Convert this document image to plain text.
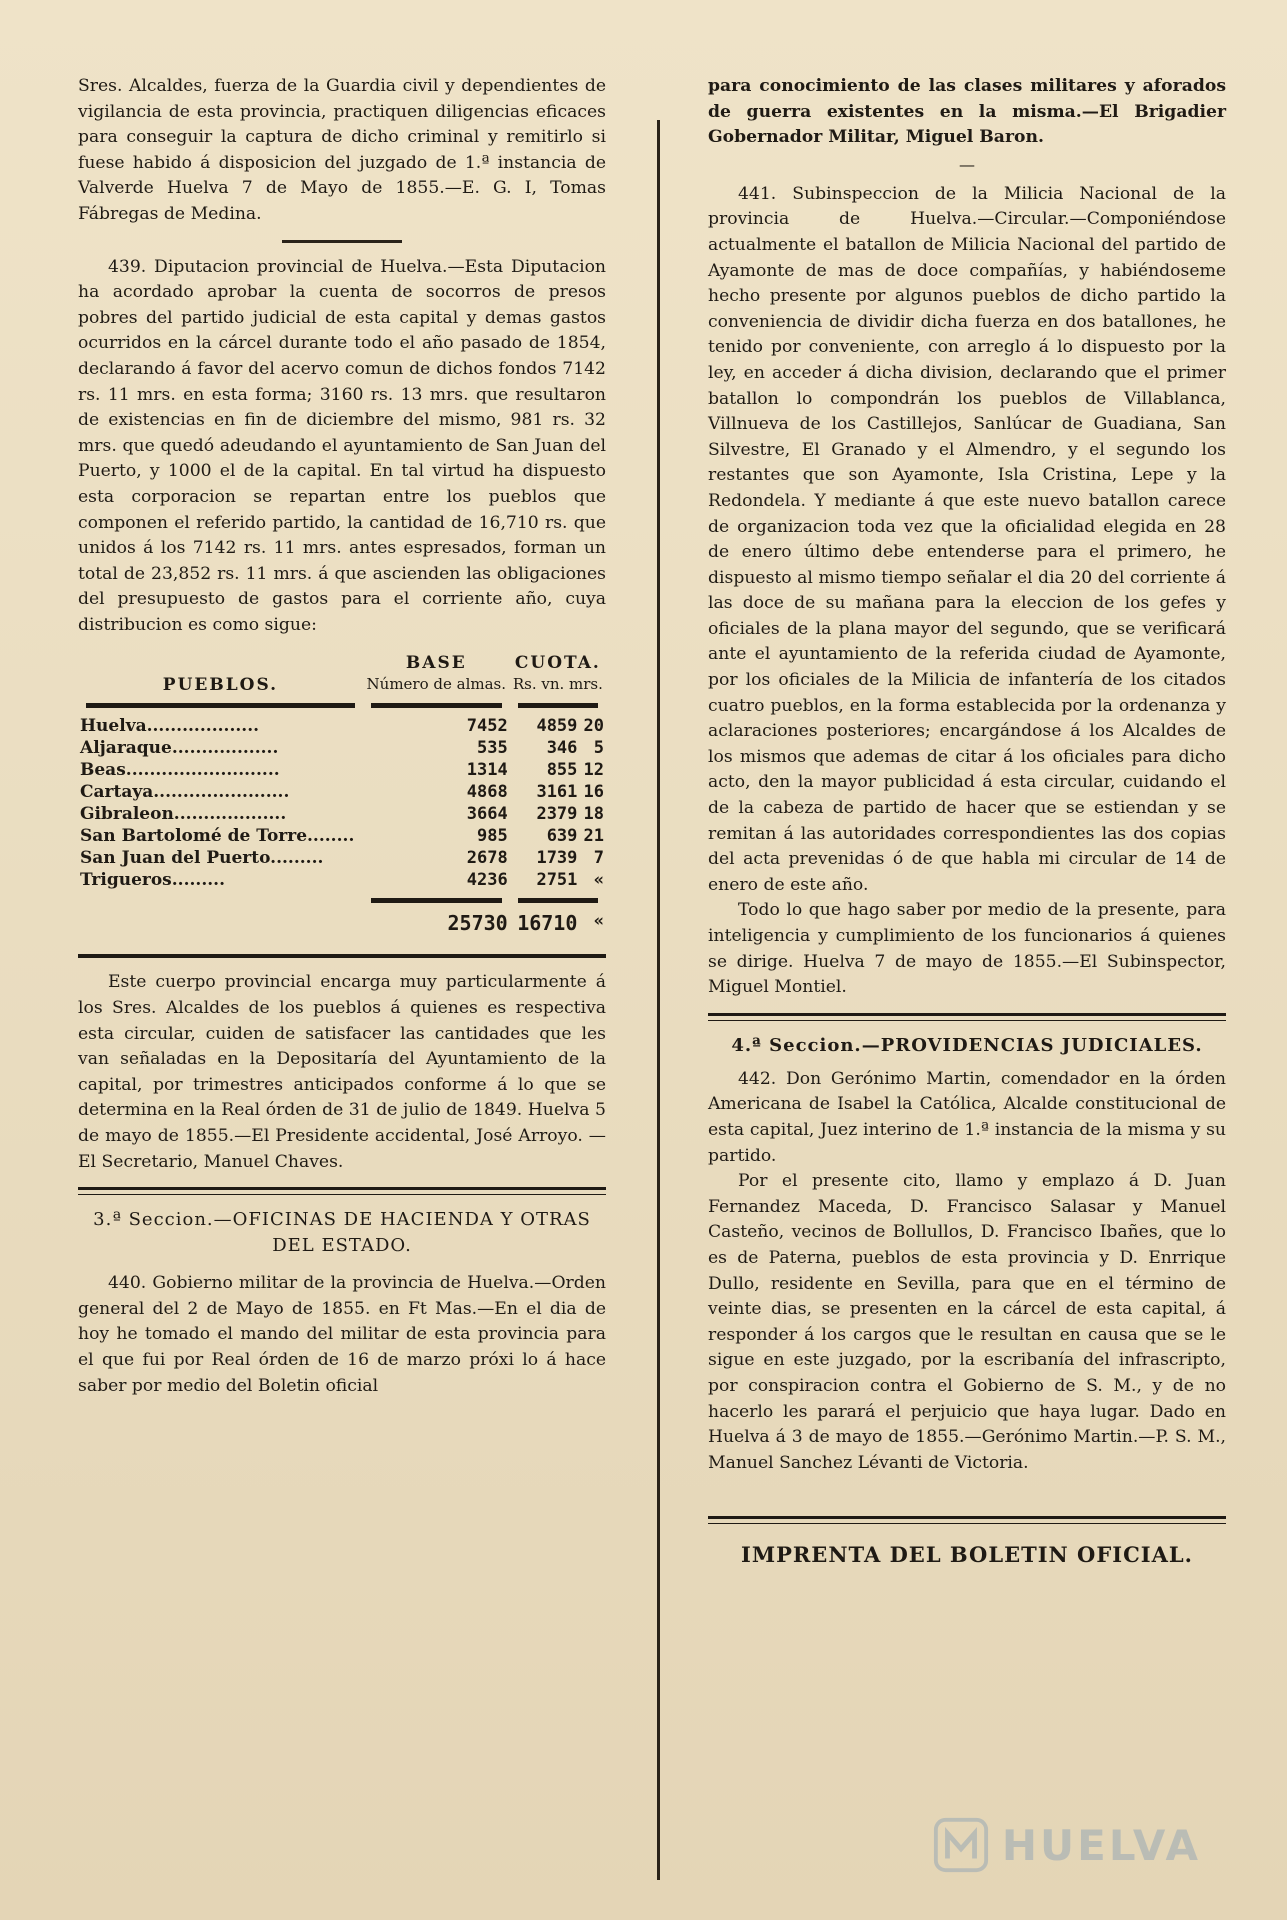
Sres. Alcaldes, fuerza de la Guardia civil y dependientes de vigilancia de esta provincia, practiquen diligencias eficaces para conseguir la captura de dicho criminal y remitirlo si fuese habido á disposicion del juzgado de 1.ª instancia de Valverde Huelva 7 de Mayo de 1855.—E. G. I, Tomas Fábregas de Medina.

439. Diputacion provincial de Huelva.—Esta Diputacion ha acordado aprobar la cuenta de socorros de presos pobres del partido judicial de esta capital y demas gastos ocurridos en la cárcel durante todo el año pasado de 1854, declarando á favor del acervo comun de dichos fondos 7142 rs. 11 mrs. en esta forma; 3160 rs. 13 mrs. que resultaron de existencias en fin de diciembre del mismo, 981 rs. 32 mrs. que quedó adeudando el ayuntamiento de San Juan del Puerto, y 1000 el de la capital. En tal virtud ha dispuesto esta corporacion se repartan entre los pueblos que componen el referido partido, la cantidad de 16,710 rs. que unidos á los 7142 rs. 11 mrs. antes espresados, forman un total de 23,852 rs. 11 mrs. á que ascienden las obligaciones del presupuesto de gastos para el corriente año, cuya distribucion es como sigue:

	BASE	CUOTA.	
PUEBLOS.	Número de almas.	Rs. vn. mrs.	

Huelva...................	7452	4859	20
Aljaraque..................	535	346	5
Beas..........................	1314	855	12
Cartaya.......................	4868	3161	16
Gibraleon...................	3664	2379	18
San Bartolomé de Torre........	985	639	21
San Juan del Puerto.........	2678	1739	7
Trigueros.........	4236	2751	«

	25730	16710	«

Este cuerpo provincial encarga muy particularmente á los Sres. Alcaldes de los pueblos á quienes es respectiva esta circular, cuiden de satisfacer las cantidades que les van señaladas en la Depositaría del Ayuntamiento de la capital, por trimestres anticipados conforme á lo que se determina en la Real órden de 31 de julio de 1849. Huelva 5 de mayo de 1855.—El Presidente accidental, José Arroyo. —El Secretario, Manuel Chaves.

3.ª Seccion.—OFICINAS DE HACIENDA Y OTRAS DEL ESTADO.

440. Gobierno militar de la provincia de Huelva.—Orden general del 2 de Mayo de 1855. en Ft Mas.—En el dia de hoy he tomado el mando del militar de esta provincia para el que fui por Real órden de 16 de marzo próxi lo á hace saber por medio del Boletin oficial

para conocimiento de las clases militares y aforados de guerra existentes en la misma.—El Brigadier Gobernador Militar, Miguel Baron.

—

441. Subinspeccion de la Milicia Nacional de la provincia de Huelva.—Circular.—Componiéndose actualmente el batallon de Milicia Nacional del partido de Ayamonte de mas de doce compañías, y habiéndoseme hecho presente por algunos pueblos de dicho partido la conveniencia de dividir dicha fuerza en dos batallones, he tenido por conveniente, con arreglo á lo dispuesto por la ley, en acceder á dicha division, declarando que el primer batallon lo compondrán los pueblos de Villablanca, Villnueva de los Castillejos, Sanlúcar de Guadiana, San Silvestre, El Granado y el Almendro, y el segundo los restantes que son Ayamonte, Isla Cristina, Lepe y la Redondela. Y mediante á que este nuevo batallon carece de organizacion toda vez que la oficialidad elegida en 28 de enero último debe entenderse para el primero, he dispuesto al mismo tiempo señalar el dia 20 del corriente á las doce de su mañana para la eleccion de los gefes y oficiales de la plana mayor del segundo, que se verificará ante el ayuntamiento de la referida ciudad de Ayamonte, por los oficiales de la Milicia de infantería de los citados cuatro pueblos, en la forma establecida por la ordenanza y aclaraciones posteriores; encargándose á los Alcaldes de los mismos que ademas de citar á los oficiales para dicho acto, den la mayor publicidad á esta circular, cuidando el de la cabeza de partido de hacer que se estiendan y se remitan á las autoridades correspondientes las dos copias del acta prevenidas ó de que habla mi circular de 14 de enero de este año.

Todo lo que hago saber por medio de la presente, para inteligencia y cumplimiento de los funcionarios á quienes se dirige. Huelva 7 de mayo de 1855.—El Subinspector, Miguel Montiel.

4.ª Seccion.—PROVIDENCIAS JUDICIALES.

442. Don Gerónimo Martin, comendador en la órden Americana de Isabel la Católica, Alcalde constitucional de esta capital, Juez interino de 1.ª instancia de la misma y su partido.

Por el presente cito, llamo y emplazo á D. Juan Fernandez Maceda, D. Francisco Salasar y Manuel Casteño, vecinos de Bollullos, D. Francisco Ibañes, que lo es de Paterna, pueblos de esta provincia y D. Enrrique Dullo, residente en Sevilla, para que en el término de veinte dias, se presenten en la cárcel de esta capital, á responder á los cargos que le resultan en causa que se le sigue en este juzgado, por la escribanía del infrascripto, por conspiracion contra el Gobierno de S. M., y de no hacerlo les parará el perjuicio que haya lugar. Dado en Huelva á 3 de mayo de 1855.—Gerónimo Martin.—P. S. M., Manuel Sanchez Lévanti de Victoria.

IMPRENTA DEL BOLETIN OFICIAL.

HUELVA
